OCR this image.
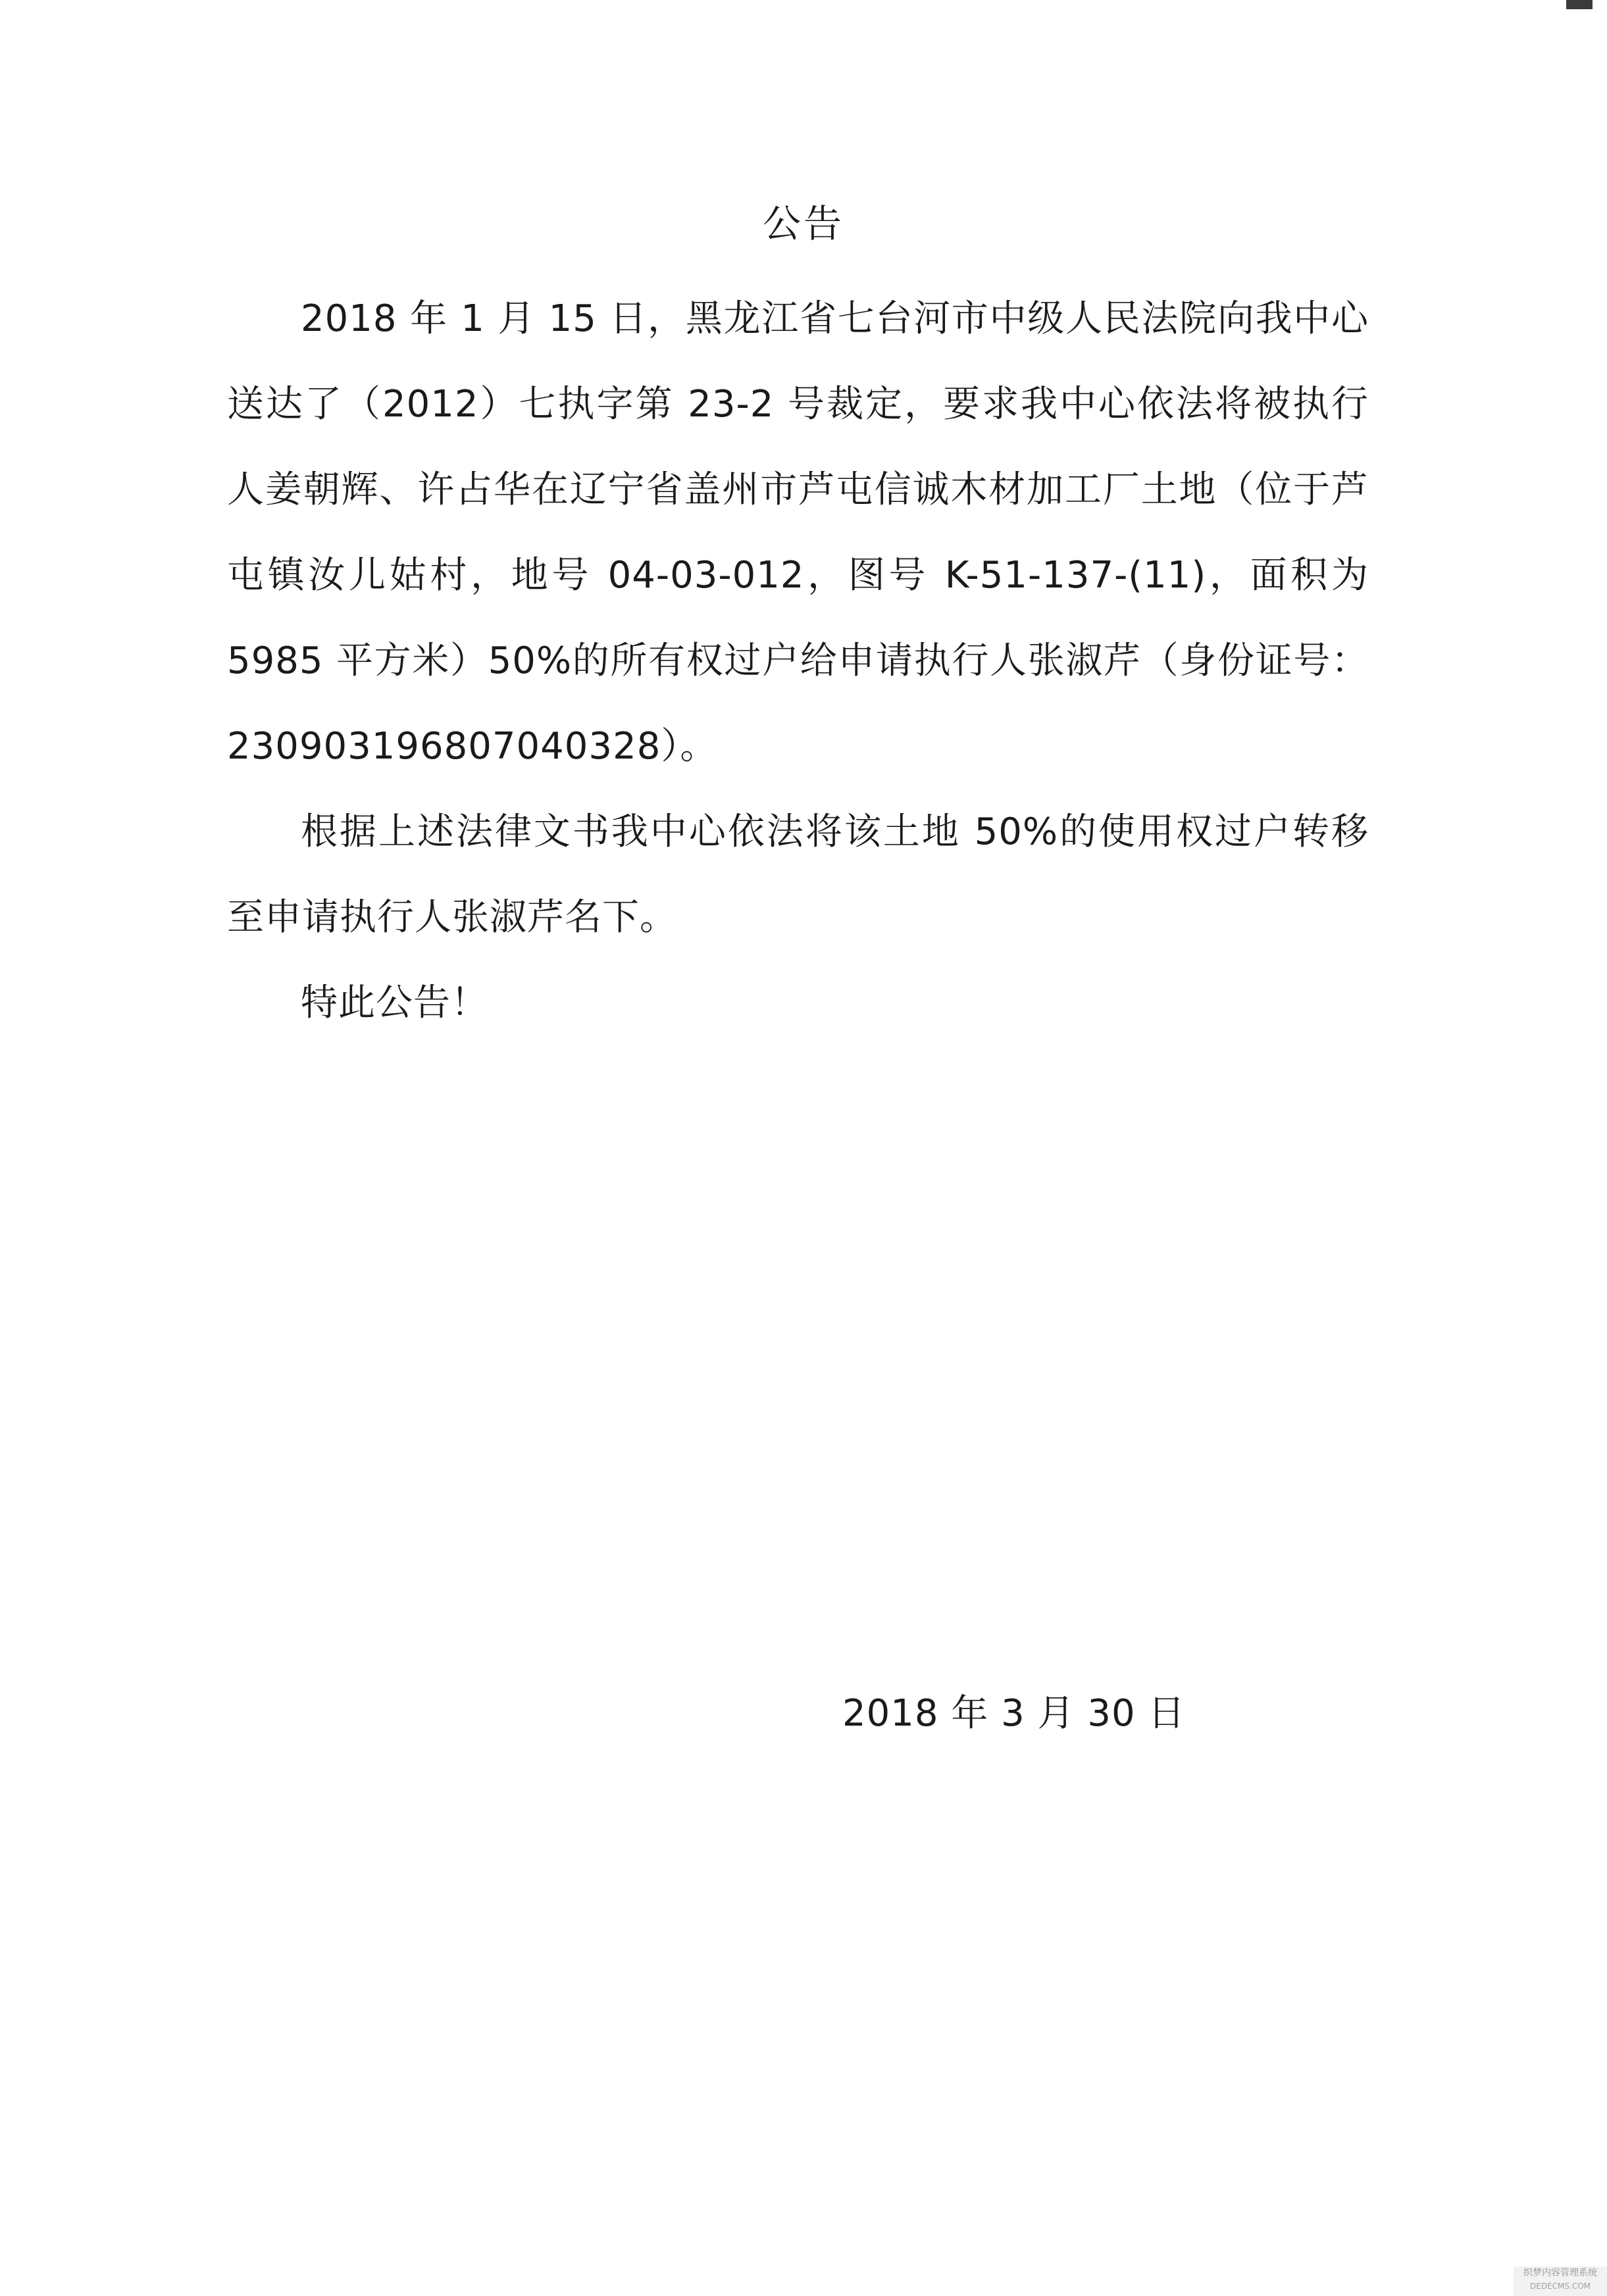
公告

2018 年 1 月 15 日，黑龙江省七台河市中级人民法院向我中心送达了（2012）七执字第 23-2 号裁定，要求我中心依法将被执行人姜朝辉、许占华在辽宁省盖州市芦屯信诚木材加工厂土地（位于芦屯镇汝儿姑村，地号 04-03-012，图号 K-51-137-(11)，面积为 5985 平方米）50%的所有权过户给申请执行人张淑芹（身份证号：230903196807040328）。

根据上述法律文书我中心依法将该土地 50%的使用权过户转移至申请执行人张淑芹名下。

特此公告！

2018 年 3 月 30 日
织梦内容管理系统
DEDECMS.COM
